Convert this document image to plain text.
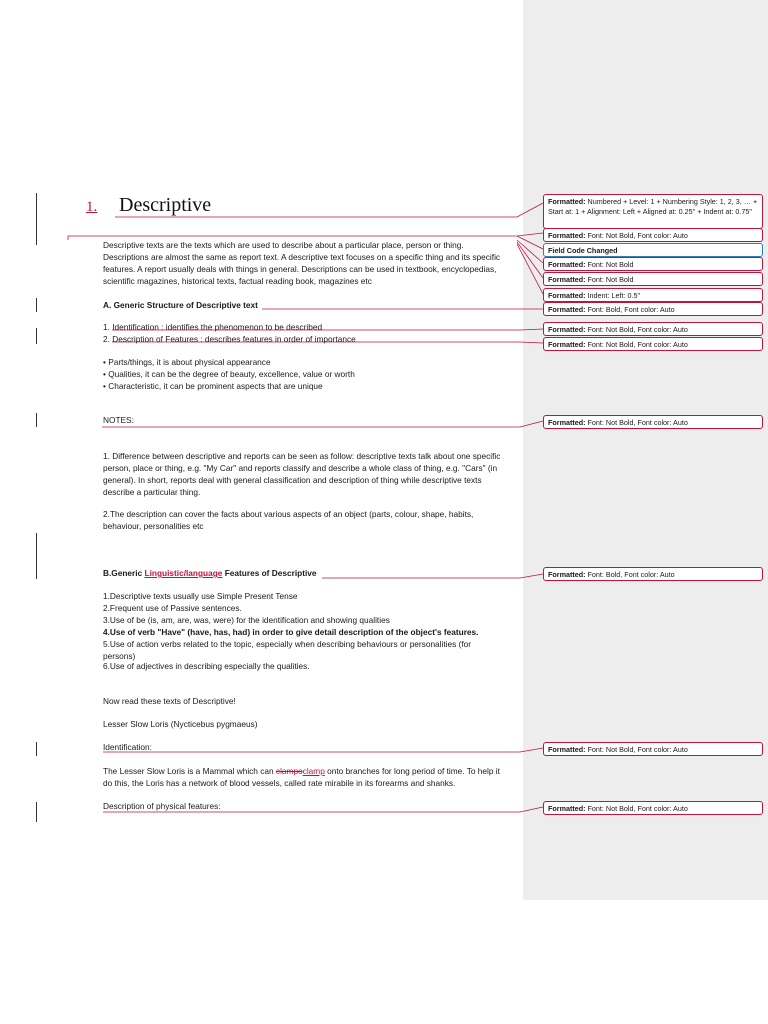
1. Descriptive
Descriptive texts are the texts which are used to describe about a particular place, person or thing.
Descriptions are almost the same as report text. A descriptive text focuses on a specific thing and its specific
features. A report usually deals with things in general. Descriptions can be used in textbook, encyclopedias,
scientific magazines, historical texts, factual reading book, magazines etc
A. Generic Structure of Descriptive text
1. Identification : identifies the phenomenon to be described
2. Description of Features : describes features in order of importance
• Parts/things, it is about physical appearance
• Qualities, it can be the degree of beauty, excellence, value or worth
• Characteristic, it can be prominent aspects that are unique
NOTES:
1. Difference between descriptive and reports can be seen as follow: descriptive texts talk about one specific
person, place or thing, e.g. "My Car" and reports classify and describe a whole class of thing, e.g. "Cars" (in
general). In short, reports deal with general classification and description of thing while descriptive texts
describe a particular thing.
2.The description can cover the facts about various aspects of an object (parts, colour, shape, habits,
behaviour, personalities etc
B.Generic Linguistic/language Features of Descriptive
1.Descriptive texts usually use Simple Present Tense
2.Frequent use of Passive sentences.
3.Use of be (is, am, are, was, were) for the identification and showing qualities
4.Use of verb "Have" (have, has, had) in order to give detail description of the object's features.
5.Use of action verbs related to the topic, especially when describing behaviours or personalities (for
persons)
6.Use of adjectives in describing especially the qualities.
Now read these texts of Descriptive!
Lesser Slow Loris (Nycticebus pygmaeus)
Identification:
The Lesser Slow Loris is a Mammal which can clampoclamp onto branches for long period of time. To help it
do this, the Loris has a network of blood vessels, called rate mirabile in its forearms and shanks.
Description of physical features:
Formatted: Numbered + Level: 1 + Numbering Style: 1, 2, 3, … + Start at: 1 + Alignment: Left + Aligned at: 0.25" + Indent at: 0.75"
Formatted: Font: Not Bold, Font color: Auto
Field Code Changed
Formatted: Font: Not Bold
Formatted: Font: Not Bold
Formatted: Indent: Left: 0.5"
Formatted: Font: Bold, Font color: Auto
Formatted: Font: Not Bold, Font color: Auto
Formatted: Font: Not Bold, Font color: Auto
Formatted: Font: Not Bold, Font color: Auto
Formatted: Font: Bold, Font color: Auto
Formatted: Font: Not Bold, Font color: Auto
Formatted: Font: Not Bold, Font color: Auto
